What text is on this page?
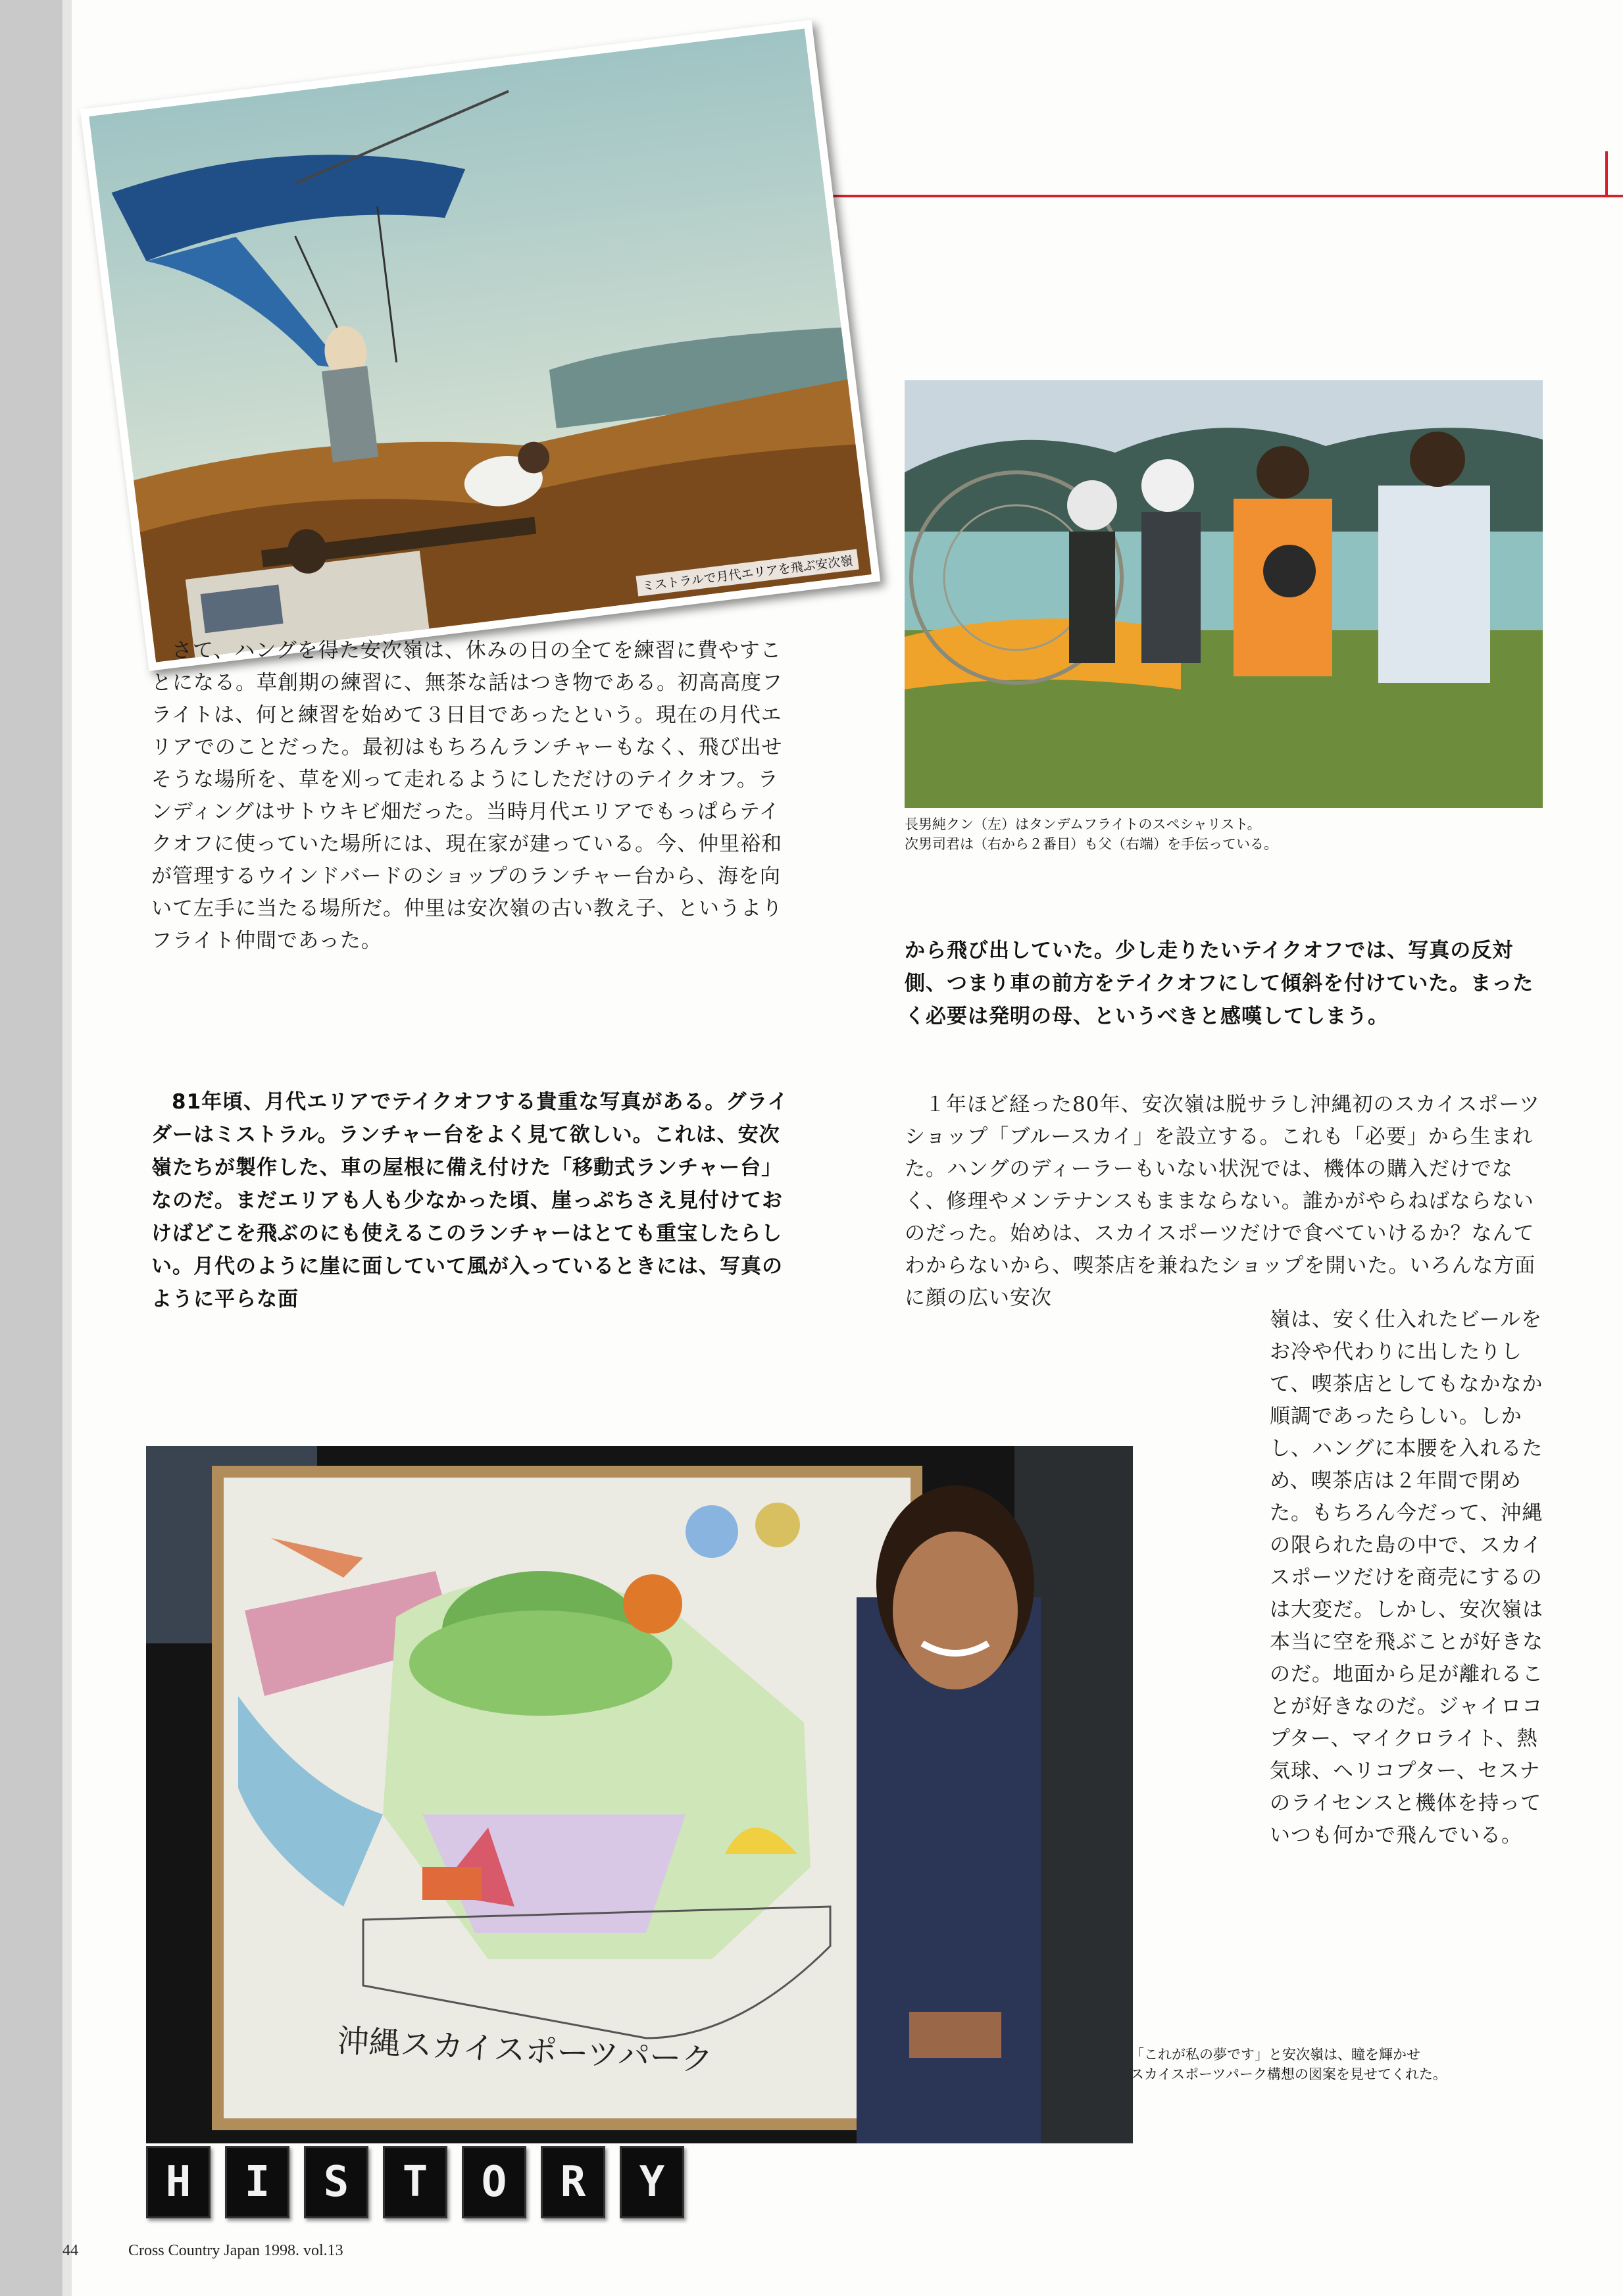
ミストラルで月代エリアを飛ぶ安次嶺
長男純クン（左）はタンデムフライトのスペシャリスト。
次男司君は（右から２番目）も父（右端）を手伝っている。
さて、ハングを得た安次嶺は、休みの日の全てを練習に費やすことになる。草創期の練習に、無茶な話はつき物である。初高高度フライトは、何と練習を始めて３日目であったという。現在の月代エリアでのことだった。最初はもちろんランチャーもなく、飛び出せそうな場所を、草を刈って走れるようにしただけのテイクオフ。ランディングはサトウキビ畑だった。当時月代エリアでもっぱらテイクオフに使っていた場所には、現在家が建っている。今、仲里裕和が管理するウインドバードのショップのランチャー台から、海を向いて左手に当たる場所だ。仲里は安次嶺の古い教え子、というよりフライト仲間であった。
81年頃、月代エリアでテイクオフする貴重な写真がある。グライダーはミストラル。ランチャー台をよく見て欲しい。これは、安次嶺たちが製作した、車の屋根に備え付けた「移動式ランチャー台」なのだ。まだエリアも人も少なかった頃、崖っぷちさえ見付けておけばどこを飛ぶのにも使えるこのランチャーはとても重宝したらしい。月代のように崖に面していて風が入っているときには、写真のように平らな面
から飛び出していた。少し走りたいテイクオフでは、写真の反対側、つまり車の前方をテイクオフにして傾斜を付けていた。まったく必要は発明の母、というべきと感嘆してしまう。
１年ほど経った80年、安次嶺は脱サラし沖縄初のスカイスポーツショップ「ブルースカイ」を設立する。これも「必要」から生まれた。ハングのディーラーもいない状況では、機体の購入だけでなく、修理やメンテナンスもままならない。誰かがやらねばならないのだった。始めは、スカイスポーツだけで食べていけるか？なんてわからないから、喫茶店を兼ねたショップを開いた。いろんな方面に顔の広い安次
嶺は、安く仕入れたビールをお冷や代わりに出したりして、喫茶店としてもなかなか順調であったらしい。しかし、ハングに本腰を入れるため、喫茶店は２年間で閉めた。もちろん今だって、沖縄の限られた島の中で、スカイスポーツだけを商売にするのは大変だ。しかし、安次嶺は本当に空を飛ぶことが好きなのだ。地面から足が離れることが好きなのだ。ジャイロコプター、マイクロライト、熱気球、ヘリコプター、セスナのライセンスと機体を持っていつも何かで飛んでいる。
沖縄スカイスポーツパーク	「これが私の夢です」と安次嶺は、瞳を輝かせ
スカイスポーツパーク構想の図案を見せてくれた。
H I S T O R Y
44	Cross Country Japan 1998. vol.13
